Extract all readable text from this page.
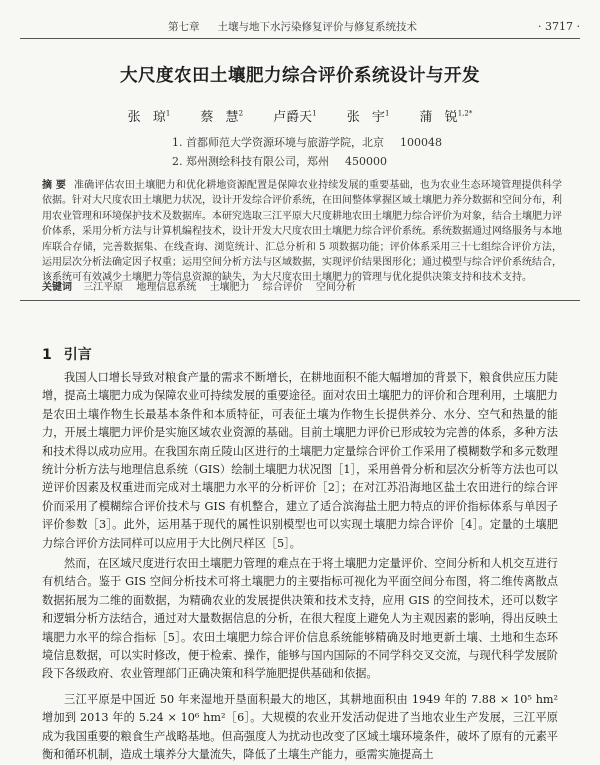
第七章 土壤与地下水污染修复评价与修复系统技术	· 3717 ·
大尺度农田土壤肥力综合评价系统设计与开发
张 琼$^1$ 蔡 慧$^2$ 卢爵天$^1$ 张 宇$^1$ 蒲 锐$^{1,2*}$
1. 首都师范大学资源环境与旅游学院，北京 100048
2. 郑州测绘科技有限公司，郑州 450000
摘 要 准确评估农田土壤肥力和优化耕地资源配置是保障农业持续发展的重要基础，也为农业生态环境管理提供科学依据。针对大尺度农田土壤肥力状况，设计开发综合评价系统，在田间整体掌握区域土壤肥力养分数据和空间分布，利用农业管理和环境保护技术及数据库。本研究选取三江平原大尺度耕地农田土壤肥力综合评价为对象，结合土壤肥力评价体系，采用分析方法与计算机编程技术，设计开发大尺度农田土壤肥力综合评价系统。系统数据通过网络服务与本地库联合存储，完善数据集、在线查询、浏览统计、汇总分析和 5 项数据功能；评价体系采用三十七组综合评价方法，运用层次分析法确定因子权重；运用空间分析方法与区域数据，实现评价结果图形化；通过模型与综合评价系统结合，该系统可有效减少土壤肥力等信息资源的缺失，为大尺度农田土壤肥力的管理与优化提供决策支持和技术支持。
关键词 三江平原 地理信息系统 土壤肥力 综合评价 空间分析
1 引言
我国人口增长导致对粮食产量的需求不断增长，在耕地面积不能大幅增加的背景下，粮食供应压力陡增，提高土壤肥力成为保障农业可持续发展的重要途径。面对农田土壤肥力的评价和合理利用，土壤肥力是农田土壤作物生长最基本条件和本质特征，可表征土壤为作物生长提供养分、水分、空气和热量的能力，开展土壤肥力评价是实施区域农业资源的基础。目前土壤肥力评价已形成较为完善的体系，多种方法和技术得以成功应用。在我国东南丘陵山区进行的土壤肥力定量综合评价工作采用了模糊数学和多元数理统计分析方法与地理信息系统（GIS）绘制土壤肥力状况图［1］，采用兽骨分析和层次分析等方法也可以逆评价因素及权重进而完成对土壤肥力水平的分析评价［2］；在对江苏沿海地区盐土农田进行的综合评价而采用了模糊综合评价技术与 GIS 有机整合，建立了适合滨海盐土肥力特点的评价指标体系与单因子评价参数［3］。此外，运用基于现代的属性识别模型也可以实现土壤肥力综合评价［4］。定量的土壤肥力综合评价方法同样可以应用于大比例尺样区［5］。
然而，在区域尺度进行农田土壤肥力管理的难点在于将土壤肥力定量评价、空间分析和人机交互进行有机结合。鉴于 GIS 空间分析技术可将土壤肥力的主要指标可视化为平面空间分布图，将二维传离散点数据拓展为二维的面数据，为精确农业的发展提供决策和技术支持，应用 GIS 的空间技术，还可以数字和逻辑分析方法结合，通过对大量数据信息的分析，在很大程度上避免人为主观因素的影响，得出反映土壤肥力水平的综合指标［5］。农田土壤肥力综合评价信息系统能够精确及时地更新土壤、土地和生态环境信息数据，可以实时修改，便于检索、操作，能够与国内国际的不同学科交叉交流，与现代科学发展阶段下各级政府、农业管理部门正确决策和科学施肥提供基础和依据。
三江平原是中国近 50 年来湿地开垦面积最大的地区，其耕地面积由 1949 年的 7.88 × 10⁵ hm² 增加到 2013 年的 5.24 × 10⁶ hm²［6］。大规模的农业开发活动促进了当地农业生产发展，三江平原成为我国重要的粮食生产战略基地。但高强度人为扰动也改变了区域土壤环境条件，破坏了原有的元素平衡和循环机制，造成土壤养分大量流失，降低了土壤生产能力，亟需实施提高土
